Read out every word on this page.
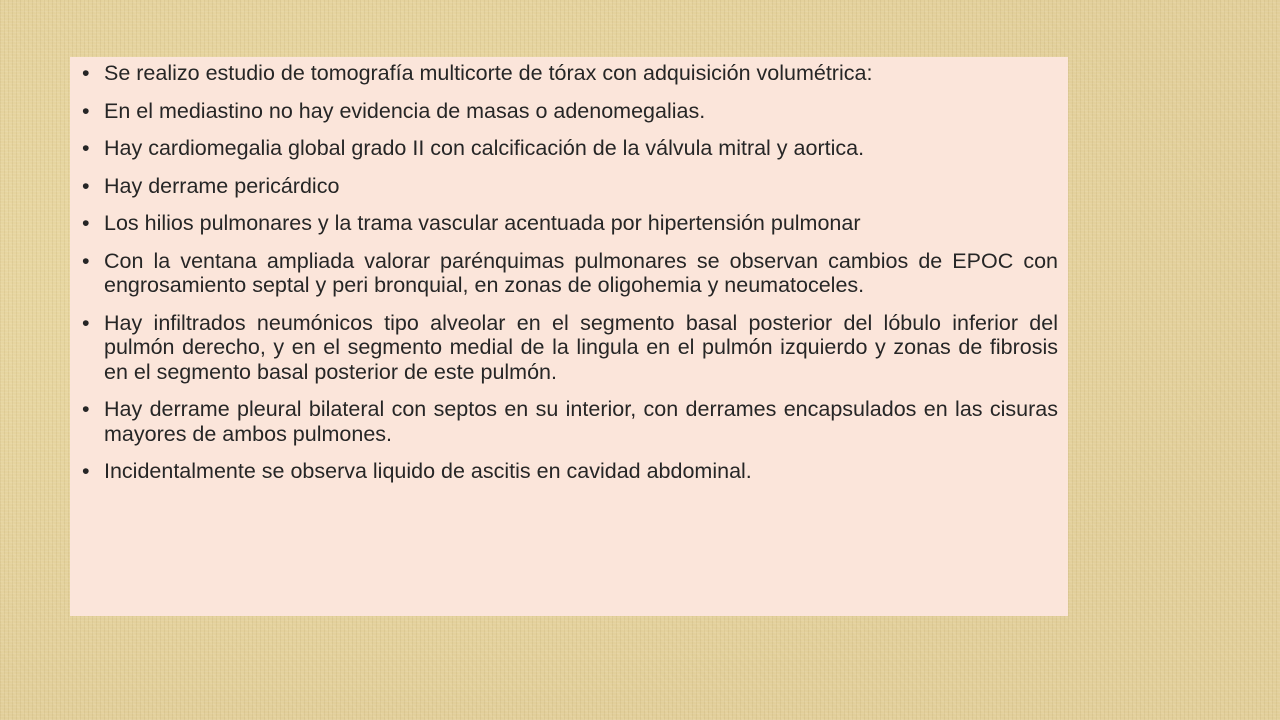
• Se realizo estudio de tomografía multicorte de tórax con adquisición volumétrica:
• En el mediastino no hay evidencia de masas o adenomegalias.
• Hay cardiomegalia global grado II con calcificación de la válvula mitral y aortica.
• Hay derrame pericárdico
• Los hilios pulmonares y la trama vascular acentuada por hipertensión pulmonar
• Con la ventana ampliada valorar parénquimas pulmonares se observan cambios de EPOC con engrosamiento septal y peri bronquial, en zonas de oligohemia y neumatoceles.
• Hay infiltrados neumónicos tipo alveolar en el segmento basal posterior del lóbulo inferior del pulmón derecho, y en el segmento medial de la lingula en el pulmón izquierdo y zonas de fibrosis en el segmento basal posterior de este pulmón.
• Hay derrame pleural bilateral con septos en su interior, con derrames encapsulados en las cisuras mayores de ambos pulmones.
• Incidentalmente se observa liquido de ascitis en cavidad abdominal.
